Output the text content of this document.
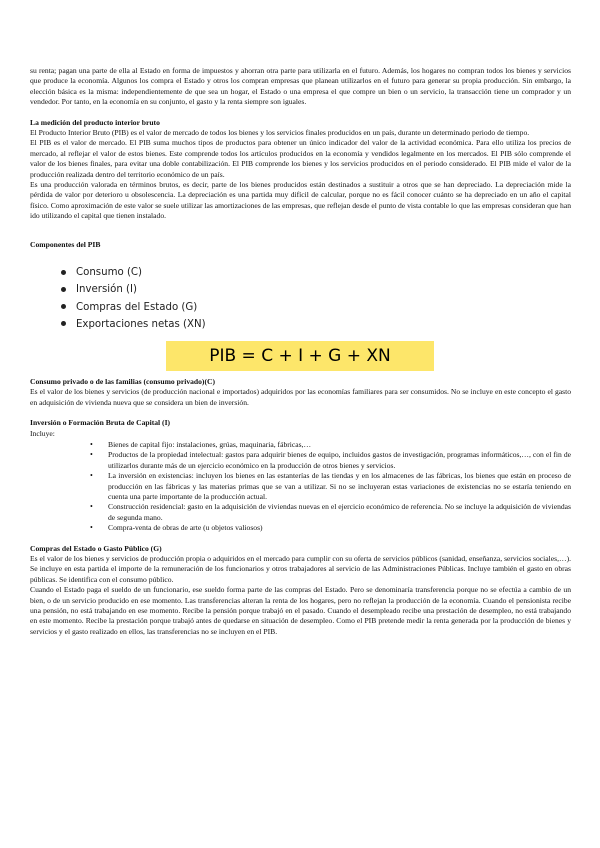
su renta; pagan una parte de ella al Estado en forma de impuestos y ahorran otra parte para utilizarla en el futuro. Además, los hogares no compran todos los bienes y servicios que produce la economía. Algunos los compra el Estado y otros los compran empresas que planean utilizarlos en el futuro para generar su propia producción. Sin embargo, la elección básica es la misma: independientemente de que sea un hogar, el Estado o una empresa el que compre un bien o un servicio, la transacción tiene un comprador y un vendedor. Por tanto, en la economía en su conjunto, el gasto y la renta siempre son iguales.

La medición del producto interior bruto

El Producto Interior Bruto (PIB) es el valor de mercado de todos los bienes y los servicios finales producidos en un país, durante un determinado periodo de tiempo.

El PIB es el valor de mercado. El PIB suma muchos tipos de productos para obtener un único indicador del valor de la actividad económica. Para ello utiliza los precios de mercado, al reflejar el valor de estos bienes. Este comprende todos los artículos producidos en la economía y vendidos legalmente en los mercados. El PIB sólo comprende el valor de los bienes finales, para evitar una doble contabilización. El PIB comprende los bienes y los servicios producidos en el periodo considerado. El PIB mide el valor de la producción realizada dentro del territorio económico de un país.

Es una producción valorada en términos brutos, es decir, parte de los bienes producidos están destinados a sustituir a otros que se han depreciado. La depreciación mide la pérdida de valor por deterioro u obsolescencia. La depreciación es una partida muy difícil de calcular, porque no es fácil conocer cuánto se ha depreciado en un año el capital físico. Como aproximación de este valor se suele utilizar las amortizaciones de las empresas, que reflejan desde el punto de vista contable lo que las empresas consideran que han ido utilizando el capital que tienen instalado.

Componentes del PIB
Consumo (C)
Inversión (I)
Compras del Estado (G)
Exportaciones netas (XN)
PIB = C + I + G + XN
Consumo privado o de las familias (consumo privado)(C)

Es el valor de los bienes y servicios (de producción nacional e importados) adquiridos por las economías familiares para ser consumidos. No se incluye en este concepto el gasto en adquisición de vivienda nueva que se considera un bien de inversión.

Inversión o Formación Bruta de Capital (I)

Incluye:

• Bienes de capital fijo: instalaciones, grúas, maquinaria, fábricas,…
• Productos de la propiedad intelectual: gastos para adquirir bienes de equipo, incluidos gastos de investigación, programas informáticos,…, con el fin de utilizarlos durante más de un ejercicio económico en la producción de otros bienes y servicios.
• La inversión en existencias: incluyen los bienes en las estanterías de las tiendas y en los almacenes de las fábricas, los bienes que están en proceso de producción en las fábricas y las materias primas que se van a utilizar. Si no se incluyeran estas variaciones de existencias no se estaría teniendo en cuenta una parte importante de la producción actual.
• Construcción residencial: gasto en la adquisición de viviendas nuevas en el ejercicio económico de referencia. No se incluye la adquisición de viviendas de segunda mano.
• Compra-venta de obras de arte (u objetos valiosos)
Compras del Estado o Gasto Público (G)

Es el valor de los bienes y servicios de producción propia o adquiridos en el mercado para cumplir con su oferta de servicios públicos (sanidad, enseñanza, servicios sociales,…). Se incluye en esta partida el importe de la remuneración de los funcionarios y otros trabajadores al servicio de las Administraciones Públicas. Incluye también el gasto en obras públicas. Se identifica con el consumo público.

Cuando el Estado paga el sueldo de un funcionario, ese sueldo forma parte de las compras del Estado. Pero se denominaría transferencia porque no se efectúa a cambio de un bien, o de un servicio producido en ese momento. Las transferencias alteran la renta de los hogares, pero no reflejan la producción de la economía. Cuando el pensionista recibe una pensión, no está trabajando en ese momento. Recibe la pensión porque trabajó en el pasado. Cuando el desempleado recibe una prestación de desempleo, no está trabajando en este momento. Recibe la prestación porque trabajó antes de quedarse en situación de desempleo. Como el PIB pretende medir la renta generada por la producción de bienes y servicios y el gasto realizado en ellos, las transferencias no se incluyen en el PIB.
